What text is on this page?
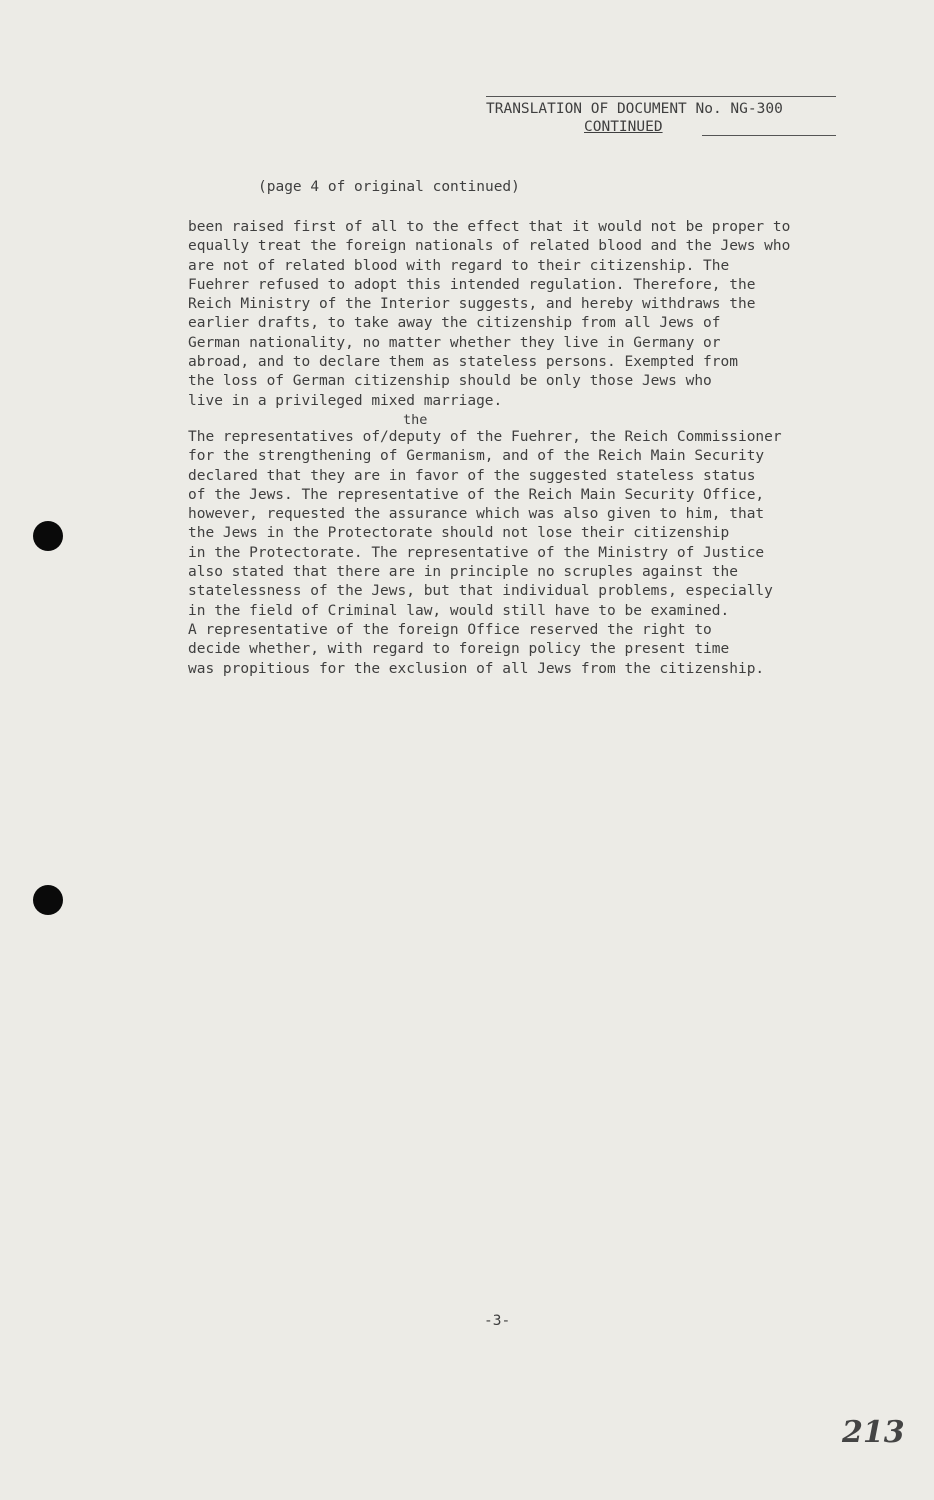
TRANSLATION OF DOCUMENT No. NG-300
CONTINUED
(page 4 of original continued)
been raised first of all to the effect that it would not be proper to
equally treat the foreign nationals of related blood and the Jews who
are not of related blood with regard to their citizenship. The
Fuehrer refused to adopt this intended regulation. Therefore, the
Reich Ministry of the Interior suggests, and hereby withdraws the
earlier drafts, to take away the citizenship from all Jews of
German nationality, no matter whether they live in Germany or
abroad, and to declare them as stateless persons. Exempted from
the loss of German citizenship should be only those Jews who
live in a privileged mixed marriage.
the
The representatives of/deputy of the Fuehrer, the Reich Commissioner
for the strengthening of Germanism, and of the Reich Main Security
declared that they are in favor of the suggested stateless status
of the Jews. The representative of the Reich Main Security Office,
however, requested the assurance which was also given to him, that
the Jews in the Protectorate should not lose their citizenship
in the Protectorate. The representative of the Ministry of Justice
also stated that there are in principle no scruples against the
statelessness of the Jews, but that individual problems, especially
in the field of Criminal law, would still have to be examined.
A representative of the foreign Office reserved the right to
decide whether, with regard to foreign policy the present time
was propitious for the exclusion of all Jews from the citizenship.
-3-
213
